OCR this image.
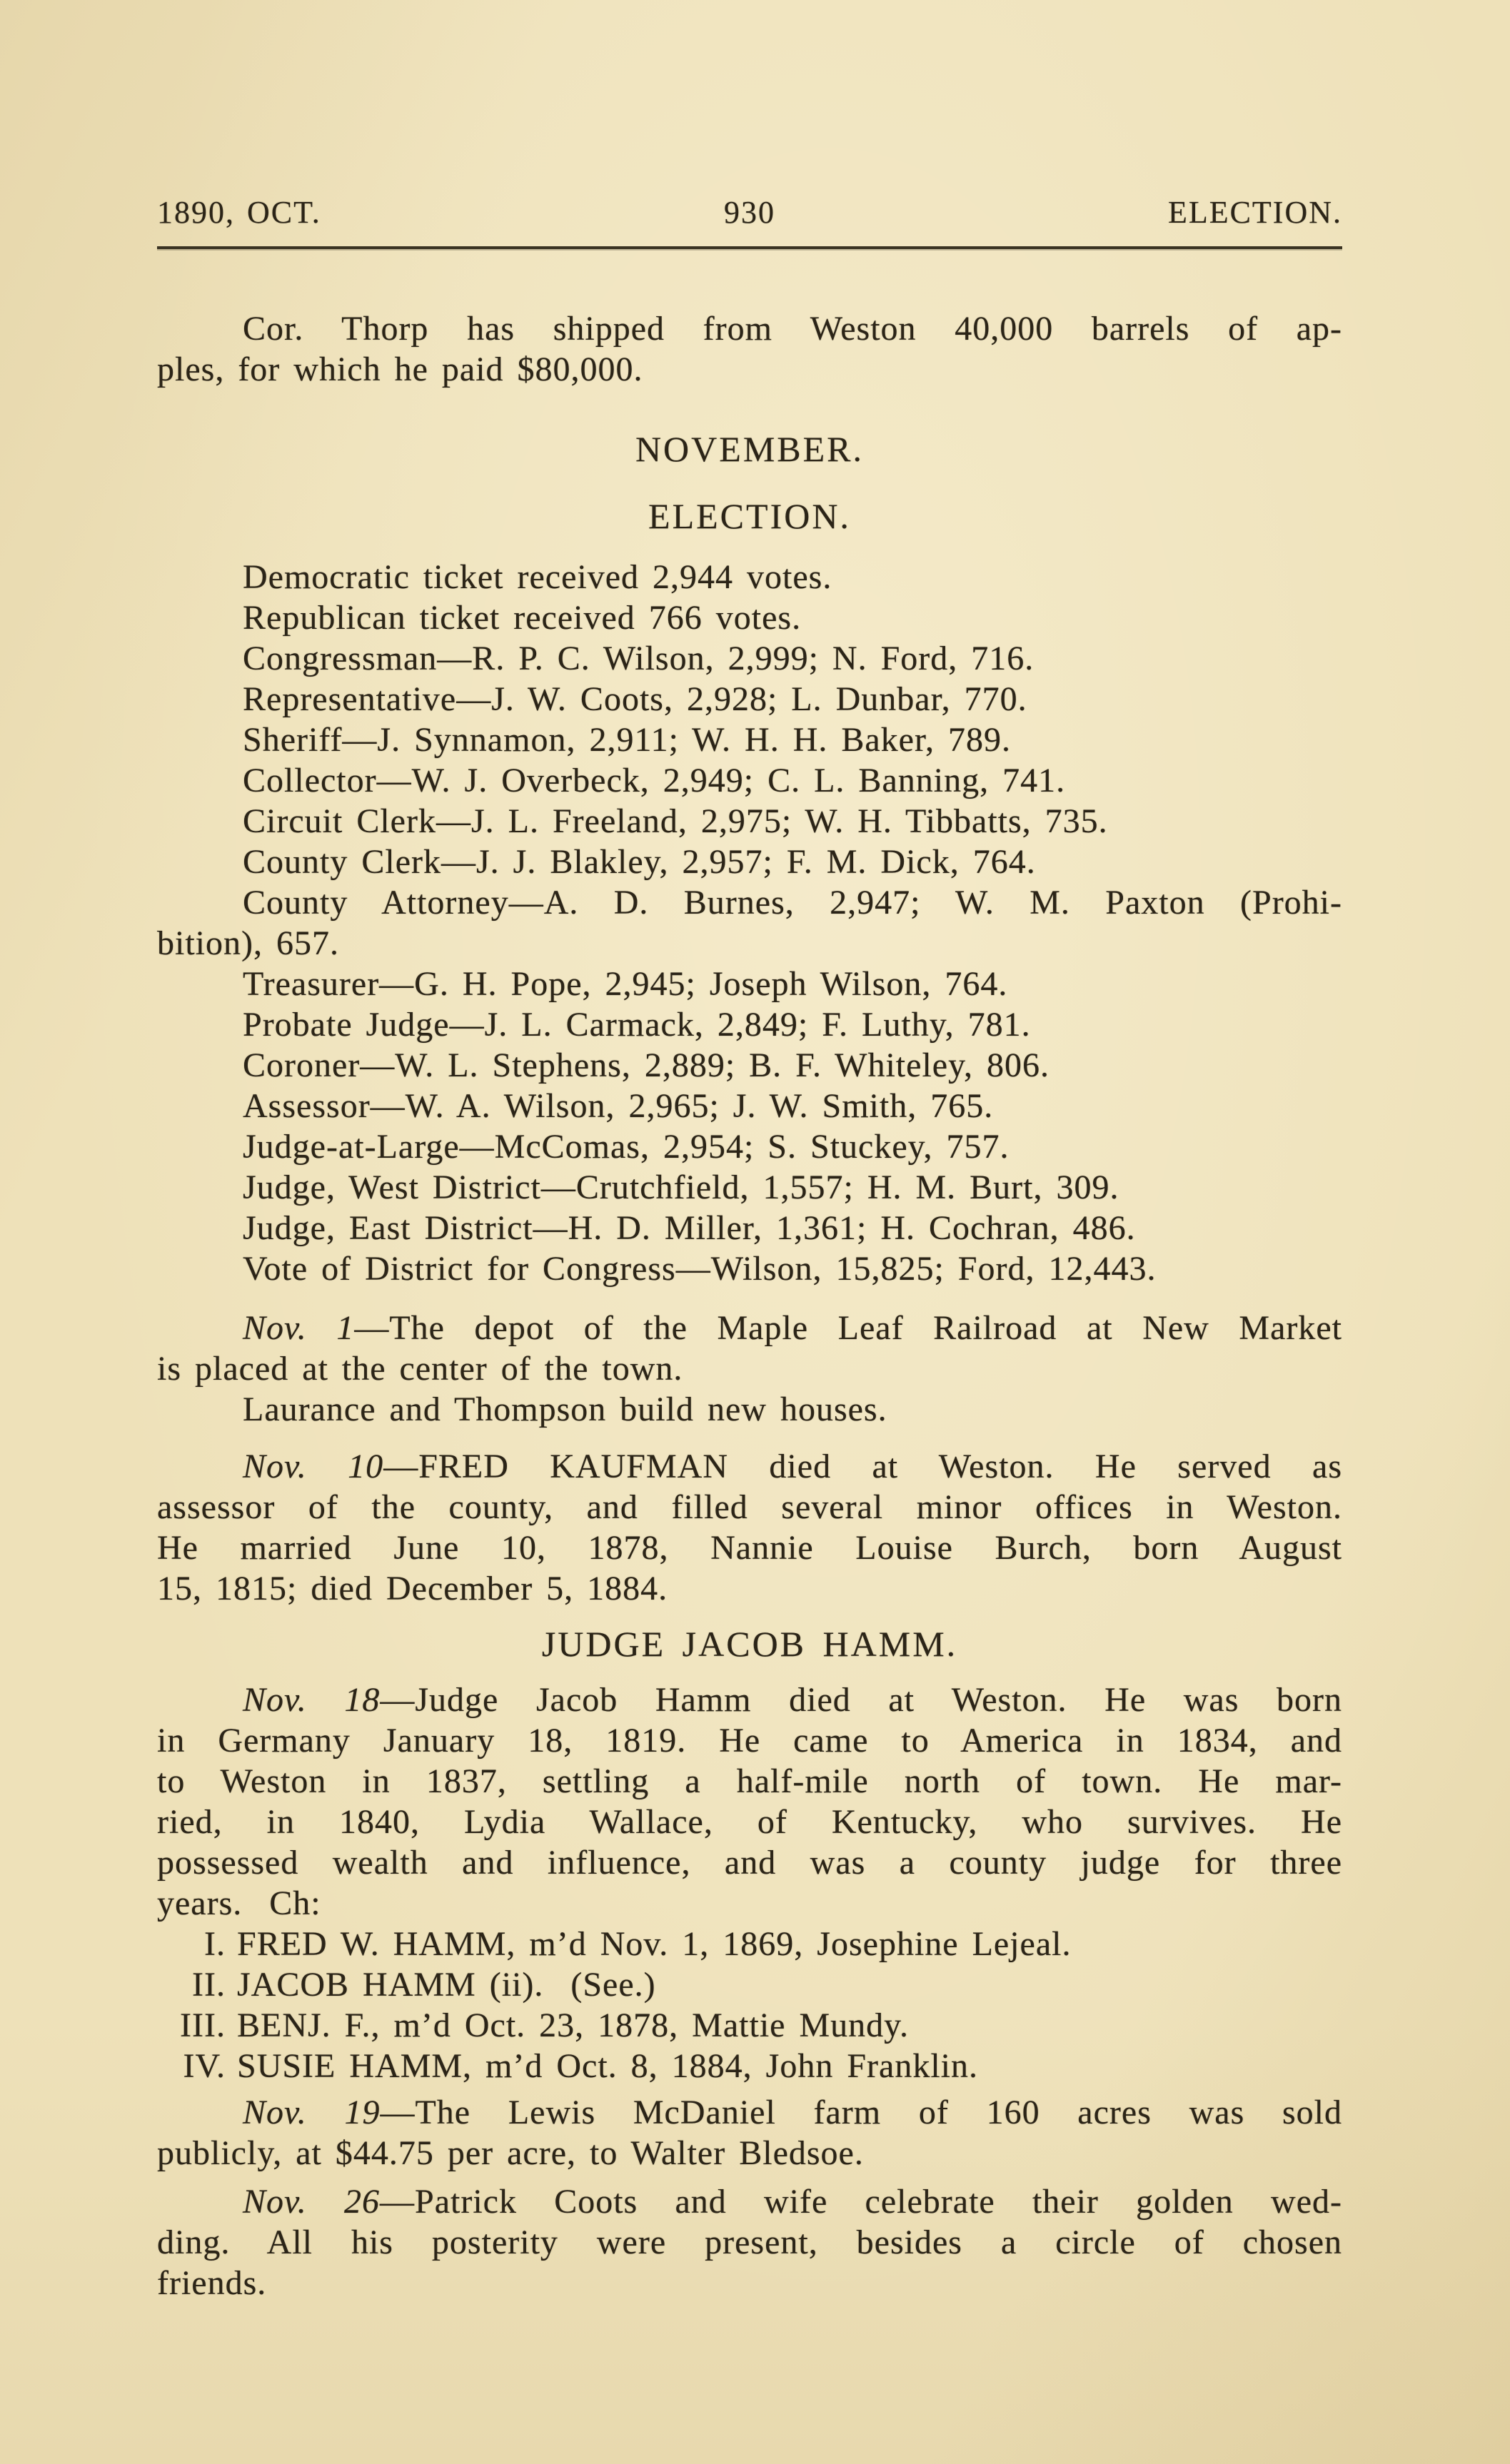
1890, OCT.	930	ELECTION.
Cor. Thorp has shipped from Weston 40,000 barrels of ap-
ples, for which he paid $80,000.
NOVEMBER.
ELECTION.
Democratic ticket received 2,944 votes.
Republican ticket received 766 votes.
Congressman—R. P. C. Wilson, 2,999; N. Ford, 716.
Representative—J. W. Coots, 2,928; L. Dunbar, 770.
Sheriff—J. Synnamon, 2,911; W. H. H. Baker, 789.
Collector—W. J. Overbeck, 2,949; C. L. Banning, 741.
Circuit Clerk—J. L. Freeland, 2,975; W. H. Tibbatts, 735.
County Clerk—J. J. Blakley, 2,957; F. M. Dick, 764.
County Attorney—A. D. Burnes, 2,947; W. M. Paxton (Prohi-
bition), 657.
Treasurer—G. H. Pope, 2,945; Joseph Wilson, 764.
Probate Judge—J. L. Carmack, 2,849; F. Luthy, 781.
Coroner—W. L. Stephens, 2,889; B. F. Whiteley, 806.
Assessor—W. A. Wilson, 2,965; J. W. Smith, 765.
Judge-at-Large—McComas, 2,954; S. Stuckey, 757.
Judge, West District—Crutchfield, 1,557; H. M. Burt, 309.
Judge, East District—H. D. Miller, 1,361; H. Cochran, 486.
Vote of District for Congress—Wilson, 15,825; Ford, 12,443.
Nov. 1—The depot of the Maple Leaf Railroad at New Market
is placed at the center of the town.
Laurance and Thompson build new houses.
Nov. 10—FRED KAUFMAN died at Weston. He served as
assessor of the county, and filled several minor offices in Weston.
He married June 10, 1878, Nannie Louise Burch, born August
15, 1815; died December 5, 1884.
JUDGE JACOB HAMM.
Nov. 18—Judge Jacob Hamm died at Weston. He was born
in Germany January 18, 1819. He came to America in 1834, and
to Weston in 1837, settling a half-mile north of town. He mar-
ried, in 1840, Lydia Wallace, of Kentucky, who survives. He
possessed wealth and influence, and was a county judge for three
years.  Ch:
I. FRED W. HAMM, m’d Nov. 1, 1869, Josephine Lejeal.
II. JACOB HAMM (ii).  (See.)
III. BENJ. F., m’d Oct. 23, 1878, Mattie Mundy.
IV. SUSIE HAMM, m’d Oct. 8, 1884, John Franklin.
Nov. 19—The Lewis McDaniel farm of 160 acres was sold
publicly, at $44.75 per acre, to Walter Bledsoe.
Nov. 26—Patrick Coots and wife celebrate their golden wed-
ding. All his posterity were present, besides a circle of chosen
friends.
